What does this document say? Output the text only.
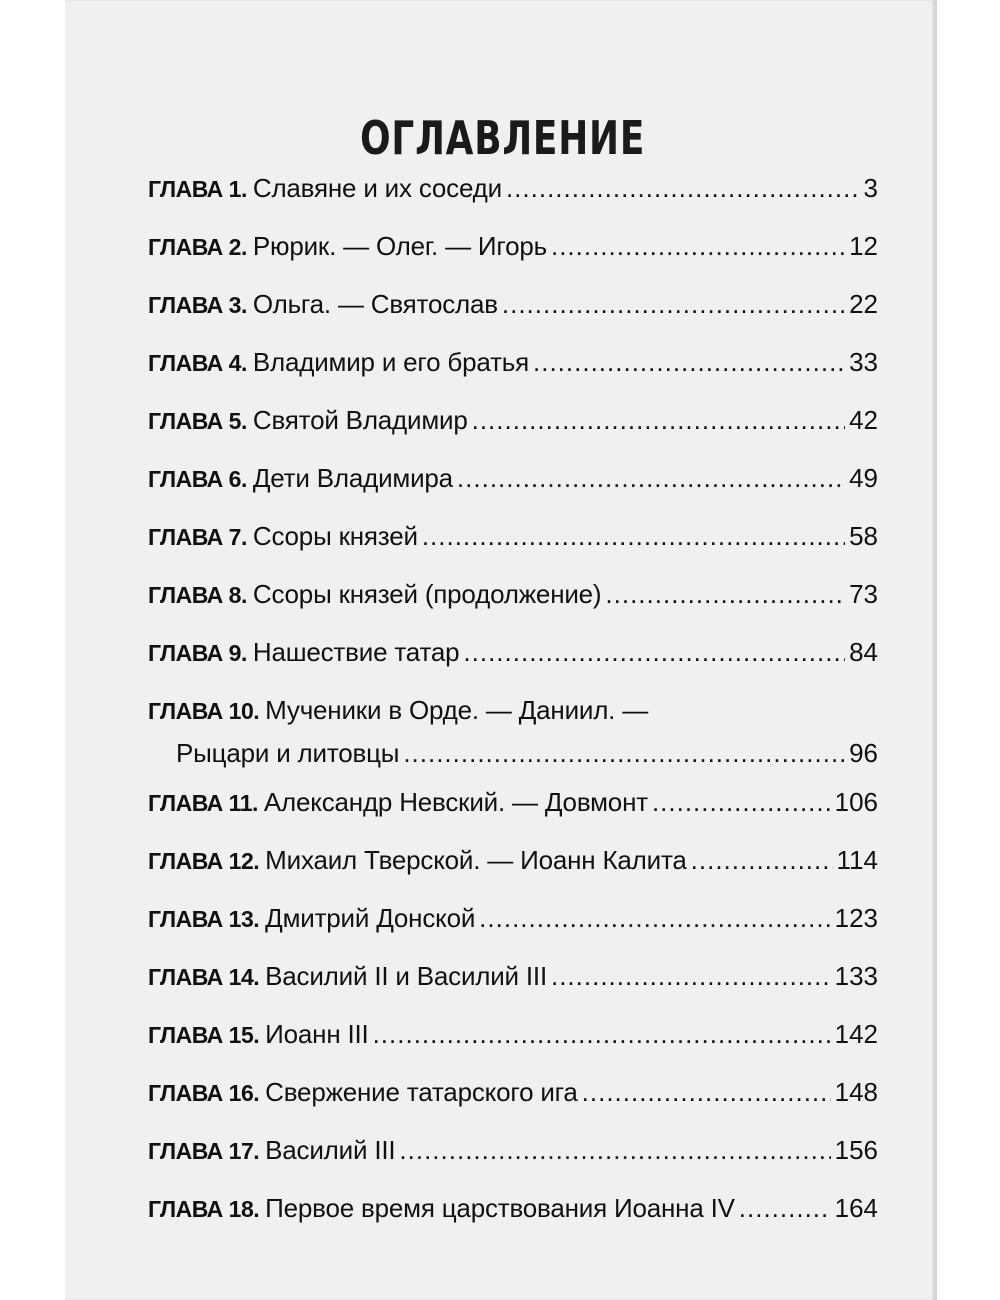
ОГЛАВЛЕНИЕ
ГЛАВА 1. Славяне и их соседи .....	3
ГЛАВА 2. Рюрик. — Олег. — Игорь .....	12
ГЛАВА 3. Ольга. — Святослав .....	22
ГЛАВА 4. Владимир и его братья .....	33
ГЛАВА 5. Святой Владимир .....	42
ГЛАВА 6. Дети Владимира .....	49
ГЛАВА 7. Ссоры князей .....	58
ГЛАВА 8. Ссоры князей (продолжение) .....	73
ГЛАВА 9. Нашествие татар .....	84
ГЛАВА 10. Мученики в Орде. — Даниил. —
Рыцари и литовцы .....	96
ГЛАВА 11. Александр Невский. — Довмонт .....	106
ГЛАВА 12. Михаил Тверской. — Иоанн Калита .....	114
ГЛАВА 13. Дмитрий Донской .....	123
ГЛАВА 14. Василий II и Василий III .....	133
ГЛАВА 15. Иоанн III .....	142
ГЛАВА 16. Свержение татарского ига .....	148
ГЛАВА 17. Василий III .....	156
ГЛАВА 18. Первое время царствования Иоанна IV .....	164
